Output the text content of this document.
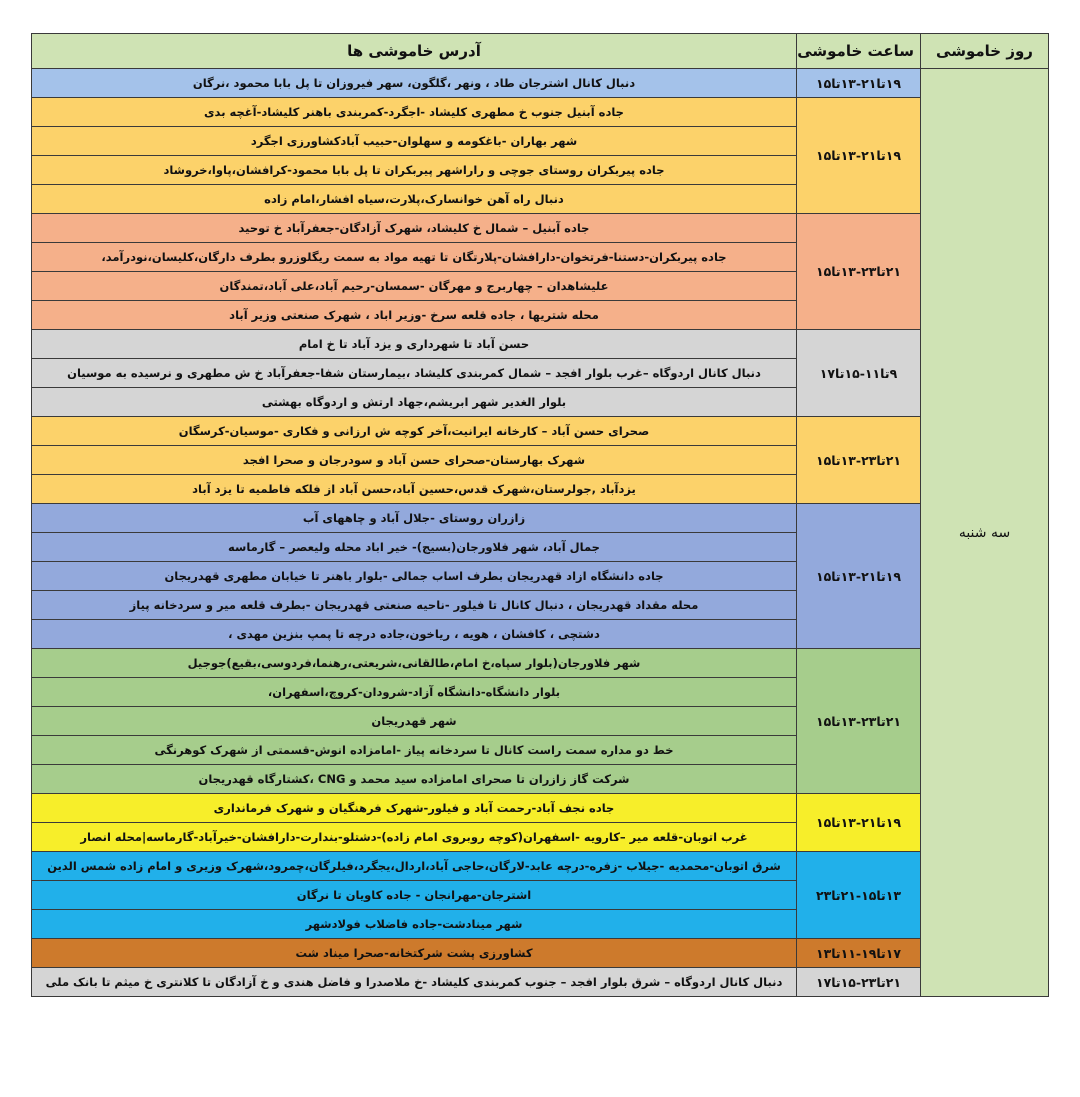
روز خاموشی	ساعت خاموشی	آدرس خاموشی ها
سه شنبه	۱۹تا۲۱-۱۳تا۱۵	دنبال کانال اشترجان طاد ، ونهر ،گلگون، سهر فیروزان تا پل بابا محمود ،نرگان
	۱۹تا۲۱-۱۳تا۱۵	جاده آبنیل جنوب خ مطهری کلیشاد -اجگرد-کمربندی باهنر کلیشاد-آغچه بدی
		شهر بهاران -باغکومه و سهلوان-حبیب آبادکشاورزی اجگرد
		جاده پیربکران روستای جوچی و راراشهر پیربکران تا پل بابا محمود-کرافشان،پاوا،خروشاد
		دنبال راه آهن خوانسارک،پلارت،سیاه افشار،امام زاده
	۲۱تا۲۳-۱۳تا۱۵	جاده آبنیل – شمال خ کلیشاد، شهرک آزادگان-جعفرآباد خ توحید
		جاده پیربکران-دستنا-فرتخوان-دارافشان-پلارتگان تا تهیه مواد به سمت ریگلوزرو بطرف دارگان،کلیسان،نودرآمد،
		علیشاهدان – چهاربرج و مهرگان -سمسان-رحیم آباد،علی آباد،تمندگان
		محله شتریها ، جاده قلعه سرخ -وزیر اباد ، شهرک صنعتی وزیر آباد
	۹تا۱۱-۱۵تا۱۷	حسن آباد تا شهرداری و یزد آباد تا خ امام
		دنبال کانال اردوگاه –غرب بلوار افجد – شمال کمربندی کلیشاد ،بیمارستان شفا-جعفرآباد خ ش مطهری و نرسیده به موسیان
		بلوار الغدیر شهر ابریشم،جهاد ارتش و اردوگاه بهشتی
	۲۱تا۲۳-۱۳تا۱۵	صحرای حسن آباد – کارخانه ایرانیت،آخر کوچه ش ارزانی و فکاری -موسیان-کرسگان
		شهرک بهارستان-صحرای حسن آباد و سودرجان و صحرا افجد
		یزدآباد ,جولرستان،شهرک قدس،حسین آباد،حسن آباد از فلکه فاطمیه تا یزد آباد
	۱۹تا۲۱-۱۳تا۱۵	زازران روستای -جلال آباد و چاههای آب
		جمال آباد، شهر فلاورجان(بسیج)- خیر اباد محله ولیعصر – گارماسه
		جاده دانشگاه ازاد قهدریجان بطرف اساب جمالی -بلوار باهنر تا خیابان مطهری قهدریجان
		محله مقداد قهدریجان ، دنبال کانال تا فیلور -ناحیه صنعتی قهدریجان -بطرف قلعه میر و سردخانه پیاز
		دشتچی ، کافشان ، هویه ، ریاخون،جاده درچه تا پمپ بنزین مهدی ،
	۲۱تا۲۳-۱۳تا۱۵	شهر فلاورجان(بلوار سپاه،خ امام،طالقانی،شریعتی،رهنما،فردوسی،بقیع)جوجیل
		بلوار دانشگاه-دانشگاه آزاد-شرودان-کروچ،اسفهران،
		شهر قهدریجان
		خط دو مداره سمت راست کانال تا سردخانه پیاز -امامزاده انوش-قسمتی از شهرک کوهرنگی
		شرکت گاز زازران تا صحرای امامزاده سید محمد و CNG ،کشتارگاه قهدریجان
	۱۹تا۲۱-۱۳تا۱۵	جاده نجف آباد-رحمت آباد و فیلور-شهرک فرهنگیان و شهرک فرمانداری
		غرب اتوبان-قلعه میر –کارویه -اسفهران(کوچه روبروی امام زاده)-دشتلو-بندارت-دارافشان-خیرآباد-گارماسه|محله انصار
	۱۳تا۱۵-۲۱تا۲۳	شرق اتوبان-محمدیه -جیلاب -زفره-درچه عابد-لارگان،حاجی آباد،اردال،یجگرد،فیلرگان،چمرود،شهرک وزیری و امام زاده شمس الدین
		اشترجان-مهرانجان - جاده کاویان تا نرگان
		شهر مینادشت-جاده فاضلاب فولادشهر
	۱۷تا۱۹-۱۱تا۱۳	کشاورزی پشت شرکتخانه-صحرا میناد شت
	۲۱تا۲۳-۱۵تا۱۷	دنبال کانال اردوگاه – شرق بلوار افجد – جنوب کمربندی کلیشاد -خ ملاصدرا و فاضل هندی و خ آزادگان تا کلانتری خ میثم تا بانک ملی
